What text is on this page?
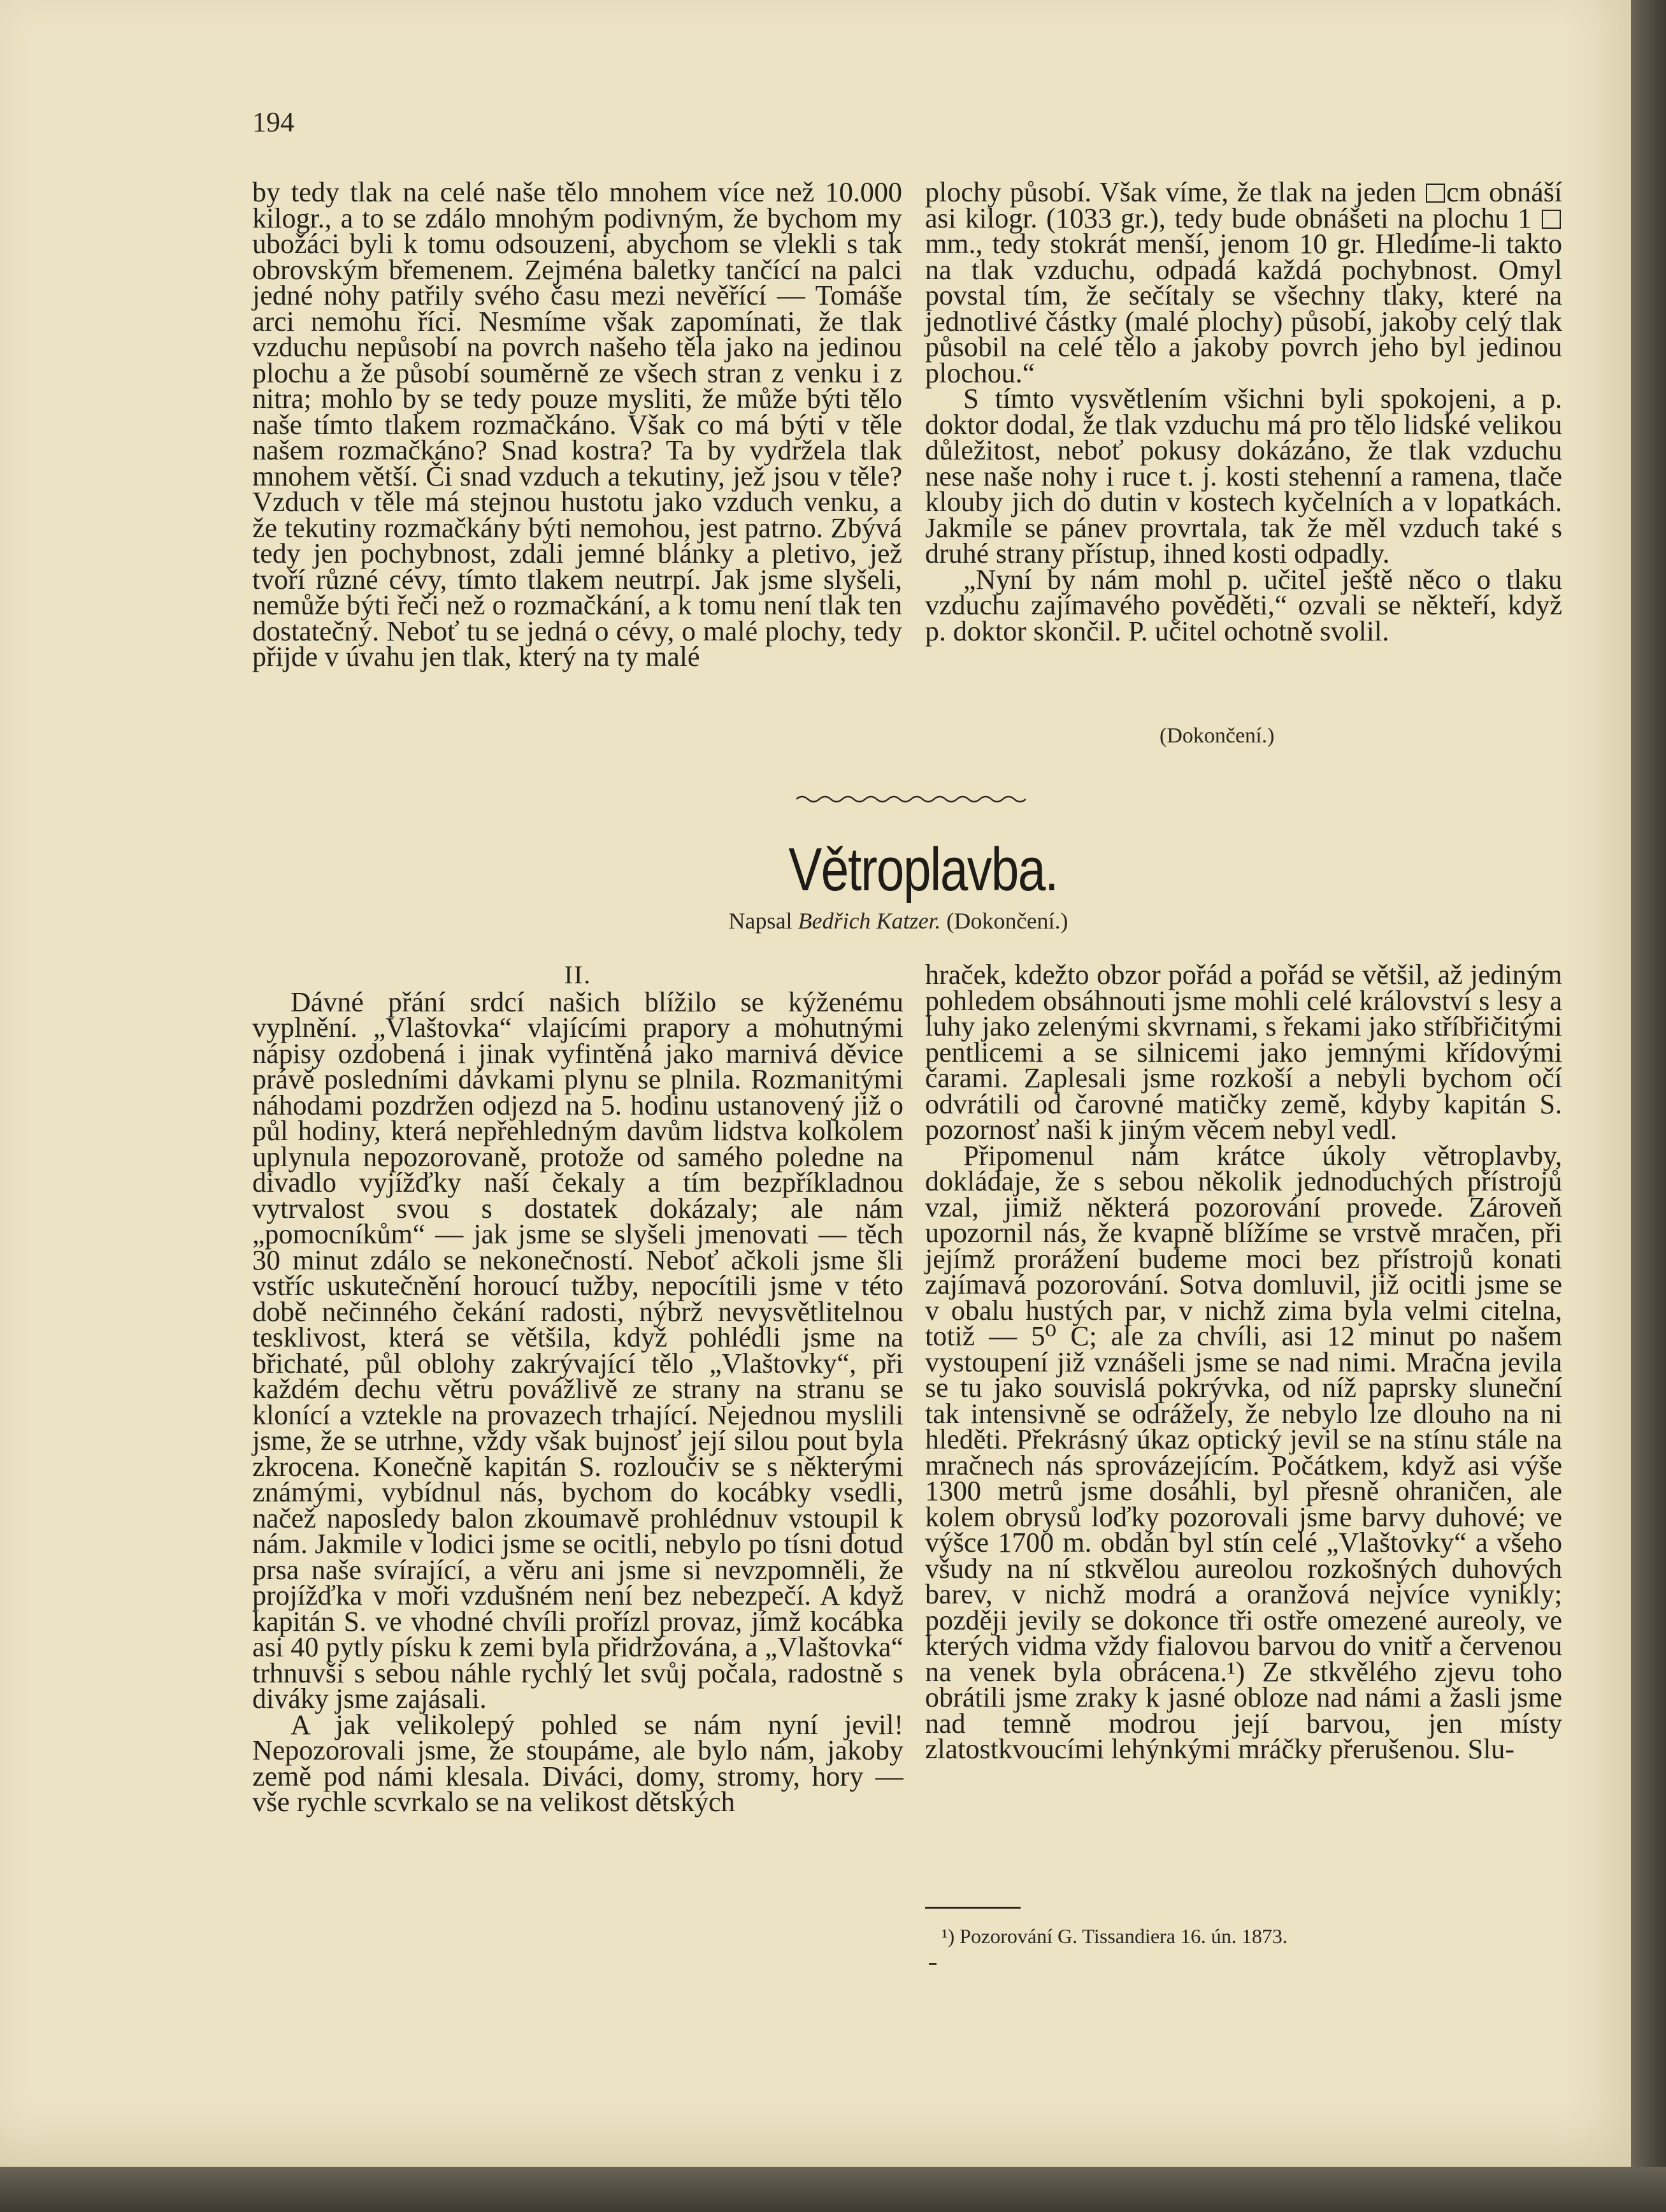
194

by tedy tlak na celé naše tělo mnohem více než 10.000 kilogr., a to se zdálo mnohým podivným, že bychom my ubožáci byli k tomu odsouzeni, abychom se vlekli s tak obrovským břemenem. Zejména baletky tančící na palci jedné nohy patřily svého času mezi nevěřící — Tomáše arci nemohu říci. Nesmíme však zapomínati, že tlak vzduchu nepůsobí na povrch našeho těla jako na jedinou plochu a že působí souměrně ze všech stran z venku i z nitra; mohlo by se tedy pouze mysliti, že může býti tělo naše tímto tlakem rozmačkáno. Však co má býti v těle našem rozmačkáno? Snad kostra? Ta by vydržela tlak mnohem větší. Či snad vzduch a tekutiny, jež jsou v těle? Vzduch v těle má stejnou hustotu jako vzduch venku, a že tekutiny rozmačkány býti nemohou, jest patrno. Zbývá tedy jen pochybnost, zdali jemné blánky a pletivo, jež tvoří různé cévy, tímto tlakem neutrpí. Jak jsme slyšeli, nemůže býti řeči než o rozmačkání, a k tomu není tlak ten dostatečný. Neboť tu se jedná o cévy, o malé plochy, tedy přijde v úvahu jen tlak, který na ty malé

plochy působí. Však víme, že tlak na jeden cm obnáší asi kilogr. (1033 gr.), tedy bude obnášeti na plochu 1 mm., tedy stokrát menší, jenom 10 gr. Hledíme-li takto na tlak vzduchu, odpadá každá pochybnost. Omyl povstal tím, že sečítaly se všechny tlaky, které na jednotlivé částky (malé plochy) působí, jakoby celý tlak působil na celé tělo a jakoby povrch jeho byl jedinou plochou.“

S tímto vysvětlením všichni byli spokojeni, a p. doktor dodal, že tlak vzduchu má pro tělo lidské velikou důležitost, neboť pokusy dokázáno, že tlak vzduchu nese naše nohy i ruce t. j. kosti stehenní a ramena, tlače klouby jich do dutin v kostech kyčelních a v lopatkách. Jakmile se pánev provrtala, tak že měl vzduch také s druhé strany přístup, ihned kosti odpadly.

„Nyní by nám mohl p. učitel ještě něco o tlaku vzduchu zajímavého pověděti,“ ozvali se někteří, když p. doktor skončil. P. učitel ochotně svolil.

(Dokončení.)
Větroplavba.
Napsal Bedřich Katzer. (Dokončení.)
II.

Dávné přání srdcí našich blížilo se kýženému vyplnění. „Vlaštovka“ vlajícími prapory a mohutnými nápisy ozdobená i jinak vyfintěná jako marnivá děvice právě posledními dávkami plynu se plnila. Rozmanitými náhodami pozdržen odjezd na 5. hodinu ustanovený již o půl hodiny, která nepřehledným davům lidstva kolkolem uplynula nepozorovaně, protože od samého poledne na divadlo vyjížďky naší čekaly a tím bezpříkladnou vytrvalost svou s dostatek dokázaly; ale nám „pomocníkům“ — jak jsme se slyšeli jmenovati — těch 30 minut zdálo se nekonečností. Neboť ačkoli jsme šli vstříc uskutečnění horoucí tužby, nepocítili jsme v této době nečinného čekání radosti, nýbrž nevysvětlitelnou tesklivost, která se většila, když pohlédli jsme na břichaté, půl oblohy zakrývající tělo „Vlaštovky“, při každém dechu větru povážlivě ze strany na stranu se klonící a vztekle na provazech trhající. Nejednou myslili jsme, že se utrhne, vždy však bujnosť její silou pout byla zkrocena. Konečně kapitán S. rozloučiv se s některými známými, vybídnul nás, bychom do kocábky vsedli, načež naposledy balon zkoumavě prohlédnuv vstoupil k nám. Jakmile v lodici jsme se ocitli, nebylo po tísni dotud prsa naše svírající, a věru ani jsme si nevzpomněli, že projížďka v moři vzdušném není bez nebezpečí. A když kapitán S. ve vhodné chvíli prořízl provaz, jímž kocábka asi 40 pytly písku k zemi byla přidržována, a „Vlaštovka“ trhnuvši s sebou náhle rychlý let svůj počala, radostně s diváky jsme zajásali.

A jak velikolepý pohled se nám nyní jevil! Nepozorovali jsme, že stoupáme, ale bylo nám, jakoby země pod námi klesala. Diváci, domy, stromy, hory — vše rychle scvrkalo se na velikost dětských

hraček, kdežto obzor pořád a pořád se většil, až jediným pohledem obsáhnouti jsme mohli celé království s lesy a luhy jako zelenými skvrnami, s řekami jako stříbřičitými pentlicemi a se silnicemi jako jemnými křídovými čarami. Zaplesali jsme rozkoší a nebyli bychom očí odvrátili od čarovné matičky země, kdyby kapitán S. pozornosť naši k jiným věcem nebyl vedl.

Připomenul nám krátce úkoly větroplavby, dokládaje, že s sebou několik jednoduchých přístrojů vzal, jimiž některá pozorování provede. Zároveň upozornil nás, že kvapně blížíme se vrstvě mračen, při jejímž prorážení budeme moci bez přístrojů konati zajímavá pozorování. Sotva domluvil, již ocitli jsme se v obalu hustých par, v nichž zima byla velmi citelna, totiž — 5⁰ C; ale za chvíli, asi 12 minut po našem vystoupení již vznášeli jsme se nad nimi. Mračna jevila se tu jako souvislá pokrývka, od níž paprsky sluneční tak intensivně se odrážely, že nebylo lze dlouho na ni hleděti. Překrásný úkaz optický jevil se na stínu stále na mračnech nás sprovázejícím. Počátkem, když asi výše 1300 metrů jsme dosáhli, byl přesně ohraničen, ale kolem obrysů loďky pozorovali jsme barvy duhové; ve výšce 1700 m. obdán byl stín celé „Vlaštovky“ a všeho všudy na ní stkvělou aureolou rozkošných duhových barev, v nichž modrá a oranžová nejvíce vynikly; později jevily se dokonce tři ostře omezené aureoly, ve kterých vidma vždy fialovou barvou do vnitř a červenou na venek byla obrácena.¹) Ze stkvělého zjevu toho obrátili jsme zraky k jasné obloze nad námi a žasli jsme nad temně modrou její barvou, jen místy zlatostkvoucími lehýnkými mráčky přerušenou. Slu-

¹) Pozorování G. Tissandiera 16. ún. 1873.
